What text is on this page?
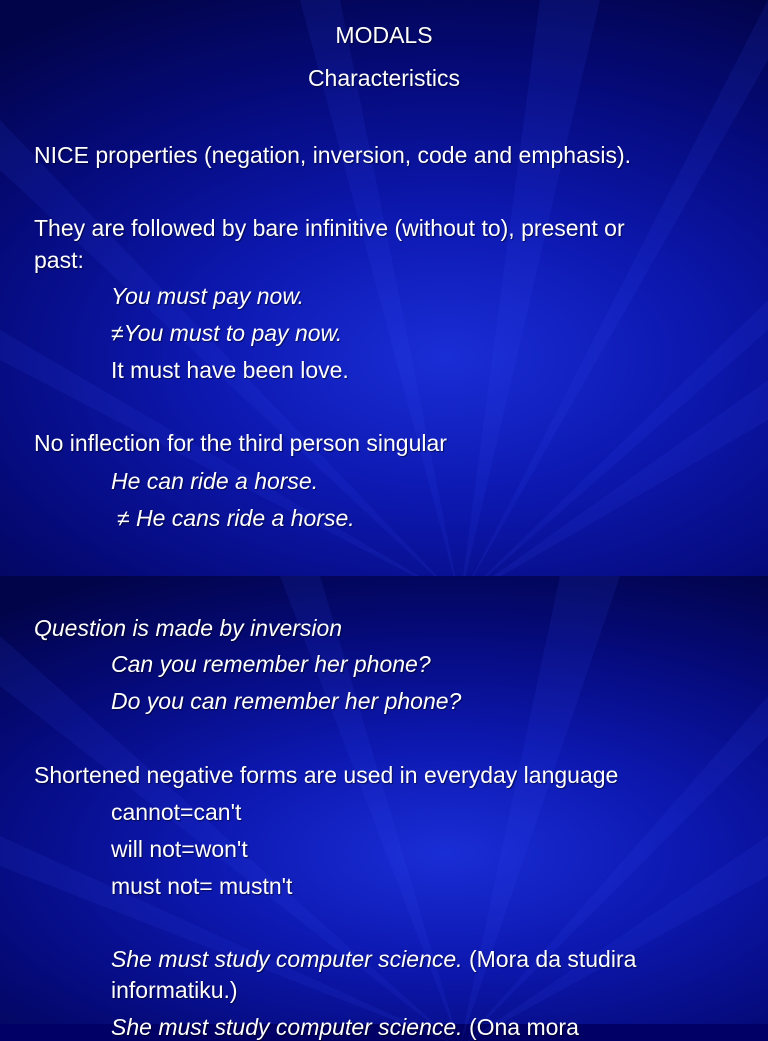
MODALS
Characteristics
NICE properties (negation, inversion, code and emphasis).
They are followed by bare infinitive (without to), present or
past:
You must pay now.
≠You must to pay now.
It must have been love.
No inflection for the third person singular
He can ride a horse.
≠ He cans ride a horse.
Question is made by inversion
Can you remember her phone?
Do you can remember her phone?
Shortened negative forms are used in everyday language
cannot=can't
will not=won't
must not= mustn't
She must study computer science. (Mora da studira
informatiku.)
She must study computer science. (Ona mora
